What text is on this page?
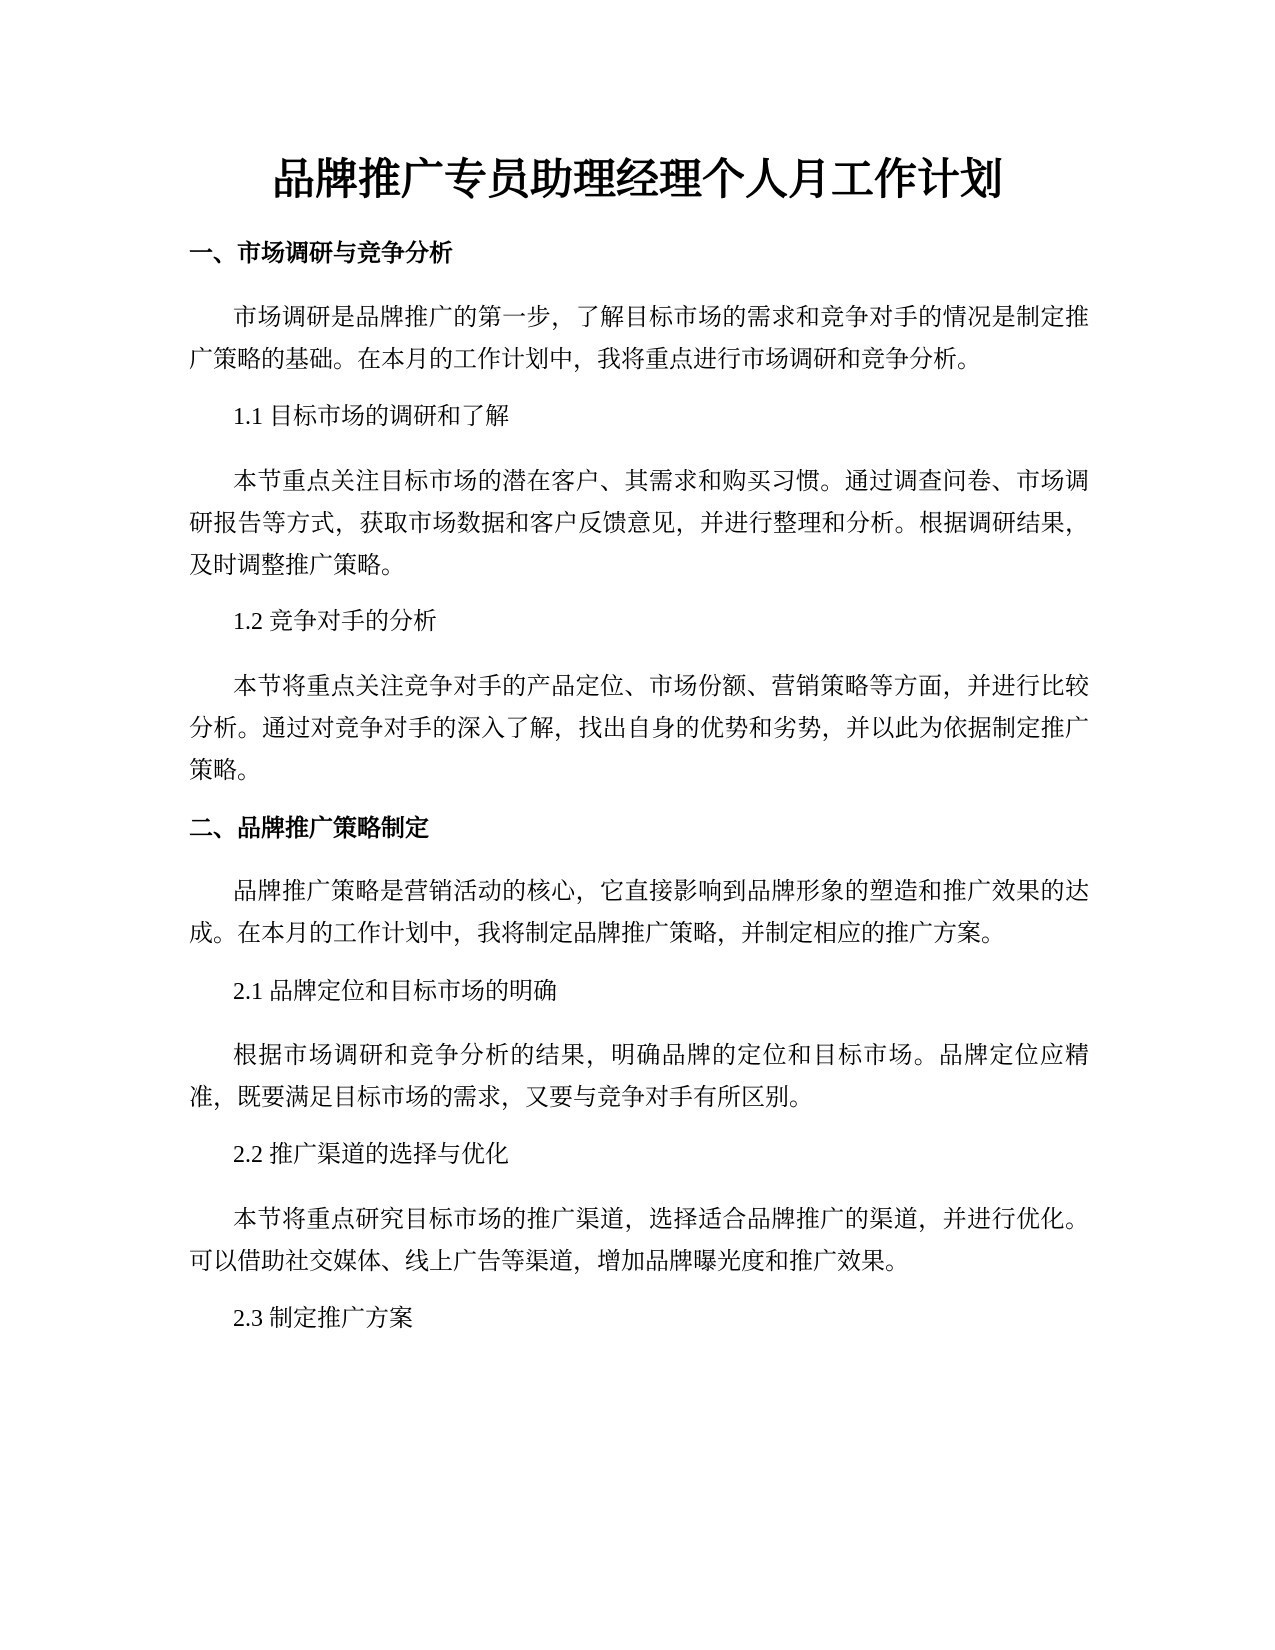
品牌推广专员助理经理个人月工作计划
一、市场调研与竞争分析

市场调研是品牌推广的第一步，了解目标市场的需求和竞争对手的情况是制定推广策略的基础。在本月的工作计划中，我将重点进行市场调研和竞争分析。

1.1 目标市场的调研和了解

本节重点关注目标市场的潜在客户、其需求和购买习惯。通过调查问卷、市场调研报告等方式，获取市场数据和客户反馈意见，并进行整理和分析。根据调研结果，及时调整推广策略。

1.2 竞争对手的分析

本节将重点关注竞争对手的产品定位、市场份额、营销策略等方面，并进行比较分析。通过对竞争对手的深入了解，找出自身的优势和劣势，并以此为依据制定推广策略。

二、品牌推广策略制定

品牌推广策略是营销活动的核心，它直接影响到品牌形象的塑造和推广效果的达成。在本月的工作计划中，我将制定品牌推广策略，并制定相应的推广方案。

2.1 品牌定位和目标市场的明确

根据市场调研和竞争分析的结果，明确品牌的定位和目标市场。品牌定位应精准，既要满足目标市场的需求，又要与竞争对手有所区别。

2.2 推广渠道的选择与优化

本节将重点研究目标市场的推广渠道，选择适合品牌推广的渠道，并进行优化。可以借助社交媒体、线上广告等渠道，增加品牌曝光度和推广效果。

2.3 制定推广方案
